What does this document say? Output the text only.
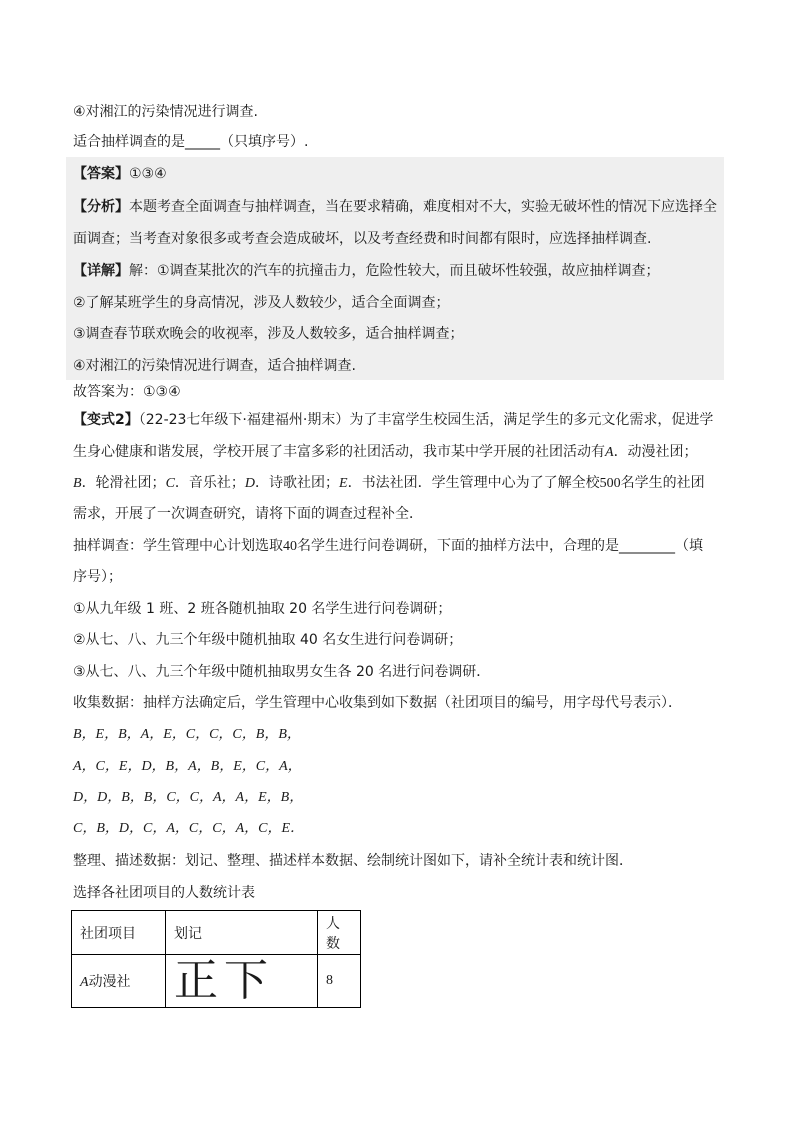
④对湘江的污染情况进行调查.
适合抽样调查的是_____（只填序号）.
【答案】①③④
【分析】本题考查全面调查与抽样调查，当在要求精确，难度相对不大，实验无破坏性的情况下应选择全
面调查；当考查对象很多或考查会造成破坏，以及考查经费和时间都有限时，应选择抽样调查.
【详解】解：①调查某批次的汽车的抗撞击力，危险性较大，而且破坏性较强，故应抽样调查；
②了解某班学生的身高情况，涉及人数较少，适合全面调查；
③调查春节联欢晚会的收视率，涉及人数较多，适合抽样调查；
④对湘江的污染情况进行调查，适合抽样调查.
故答案为：①③④
【变式2】（22-23七年级下·福建福州·期末）为了丰富学生校园生活，满足学生的多元文化需求，促进学
生身心健康和谐发展，学校开展了丰富多彩的社团活动，我市某中学开展的社团活动有A．动漫社团；
B．轮滑社团；C．音乐社；D．诗歌社团；E．书法社团．学生管理中心为了了解全校500名学生的社团
需求，开展了一次调查研究，请将下面的调查过程补全．
抽样调查：学生管理中心计划选取40名学生进行问卷调研，下面的抽样方法中，合理的是________（填
序号）；
①从九年级 1 班、2 班各随机抽取 20 名学生进行问卷调研；
②从七、八、九三个年级中随机抽取 40 名女生进行问卷调研；
③从七、八、九三个年级中随机抽取男女生各 20 名进行问卷调研．
收集数据：抽样方法确定后，学生管理中心收集到如下数据（社团项目的编号，用字母代号表示）．
B，E，B，A，E，C，C，C，B，B，
A，C，E，D，B，A，B，E，C，A，
D，D，B，B，C，C，A，A，E，B，
C，B，D，C，A，C，C，A，C，E．
整理、描述数据：划记、整理、描述样本数据、绘制统计图如下，请补全统计表和统计图．
选择各社团项目的人数统计表
社团项目	划记	人数
A动漫社	正下	8
